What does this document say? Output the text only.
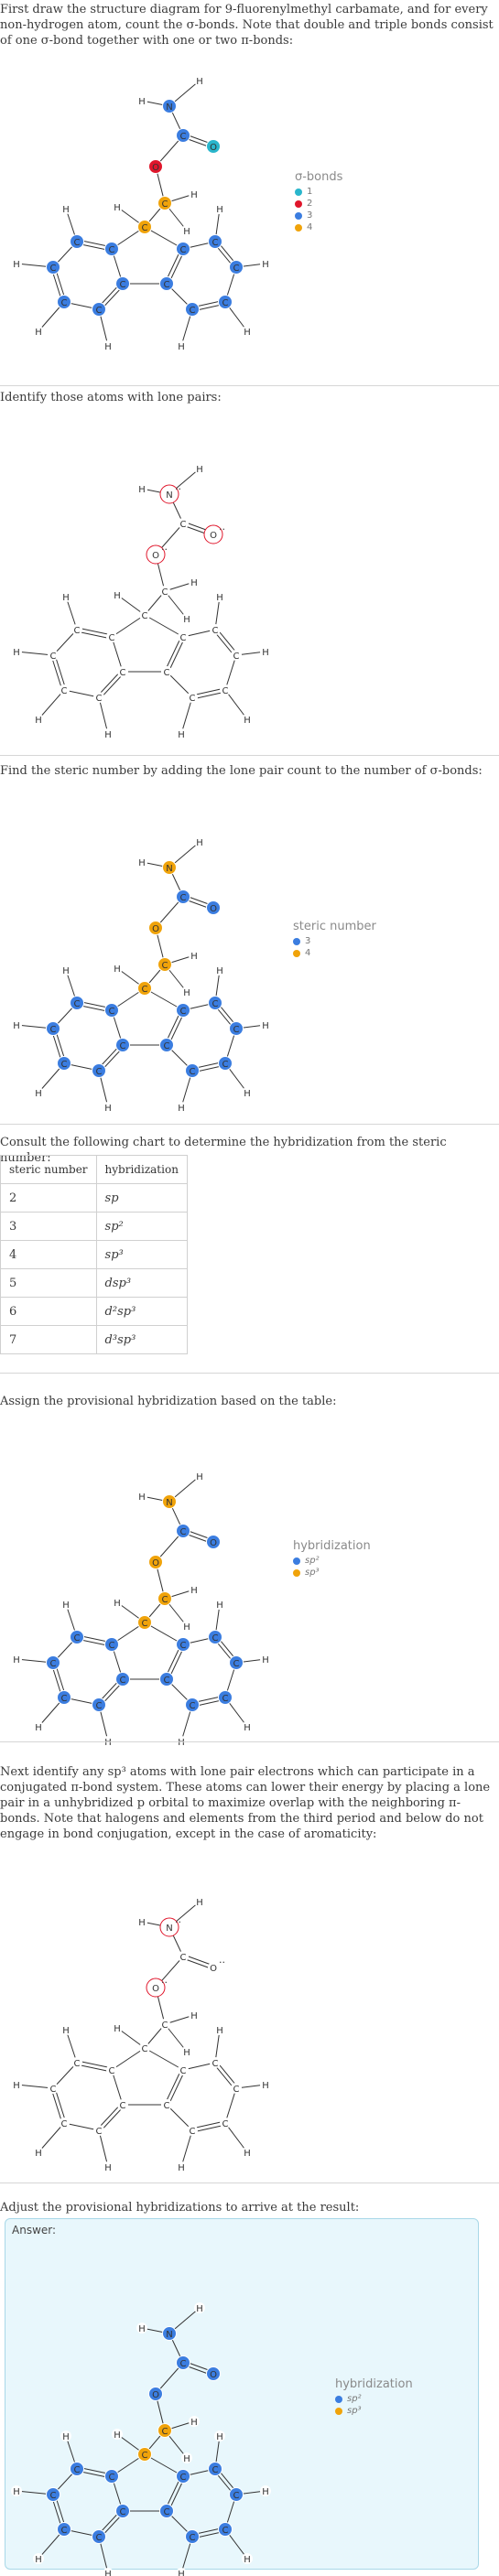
First draw the structure diagram for 9-fluorenylmethyl carbamate, and for every non-hydrogen atom, count the σ-bonds. Note that double and triple bonds consist of one σ-bond together with one or two π-bonds:

H
H
N
C
O
O
C
H
H
C
H
C
C
C
C
C
C
C
C
C
C
C
C
H
H
H
H	H
H
H
H
σ-bonds
1
2
3
4

Identify those atoms with lone pairs:

H
H
N
··
C
O
··
O
··
C
H
H
C
H
C
C
C
C
C
C
C
C
C
C
C
C
H
H
H
H	H
H
H
H

Find the steric number by adding the lone pair count to the number of σ-bonds:

H
H
N
C
O
O
C
H
H
C
H
C
C
C
C
C
C
C
C
C
C
C
C
H
H
H
H	H
H
H
H
steric number
3
4

Consult the following chart to determine the hybridization from the steric number:

steric number	hybridization
2	sp
3	sp²
4	sp³
5	dsp³
6	d²sp³
7	d³sp³

Assign the provisional hybridization based on the table:

H
H
N
C
O
O
C
H
H
C
H
C
C
C
C
C
C
C
C
C
C
C
C
H
H
H
H	H
H
H
H
hybridization
sp²
sp³

Next identify any sp³ atoms with lone pair electrons which can participate in a conjugated π-bond system. These atoms can lower their energy by placing a lone pair in a unhybridized p orbital to maximize overlap with the neighboring π-bonds. Note that halogens and elements from the third period and below do not engage in bond conjugation, except in the case of aromaticity:

H
H
N
··
C
O
··
O
··
C
H
H
C
H
C
C
C
C
C
C
C
C
C
C
C
C
H
H
H
H	H
H
H
H

Adjust the provisional hybridizations to arrive at the result:

Answer:
H
H
N
C
O
O
C
H
H
C
H
C
C
C
C
C
C
C
C
C
C
C
C
H
H
H
H	H
H
H
H
hybridization
sp²
sp³
